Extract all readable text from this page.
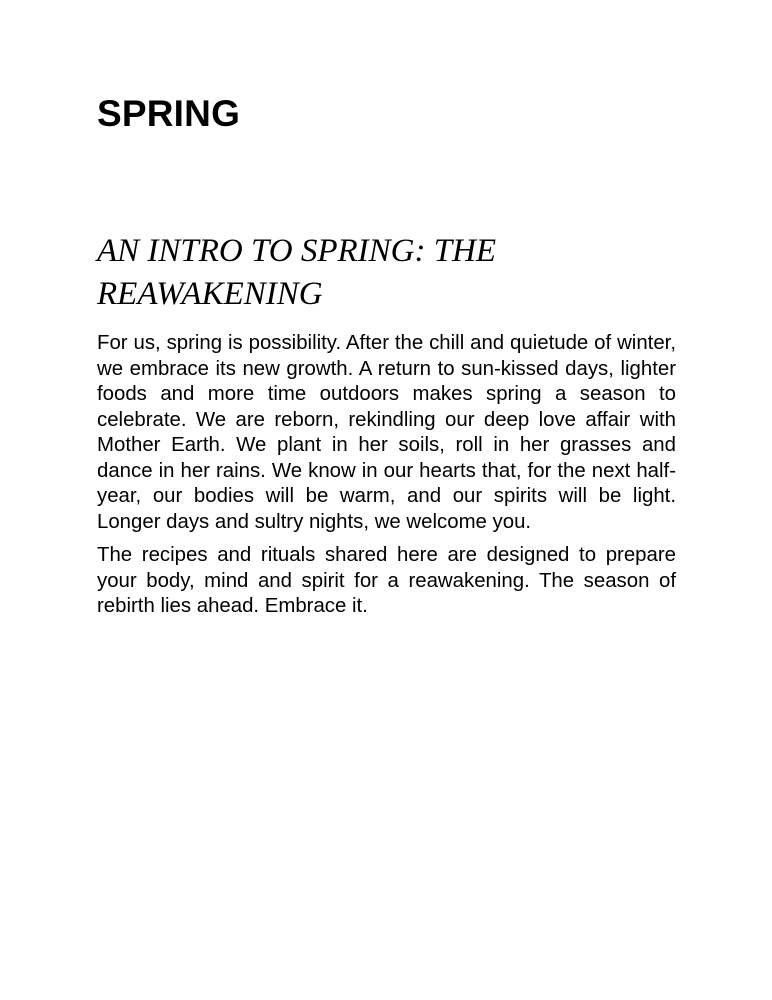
SPRING
AN INTRO TO SPRING: THE
REAWAKENING

For us, spring is possibility. After the chill and quietude of winter, we embrace its new growth. A return to sun-kissed days, lighter foods and more time outdoors makes spring a season to celebrate. We are reborn, rekindling our deep love affair with Mother Earth. We plant in her soils, roll in her grasses and dance in her rains. We know in our hearts that, for the next half-year, our bodies will be warm, and our spirits will be light. Longer days and sultry nights, we welcome you.

The recipes and rituals shared here are designed to prepare your body, mind and spirit for a reawakening. The season of rebirth lies ahead. Embrace it.
